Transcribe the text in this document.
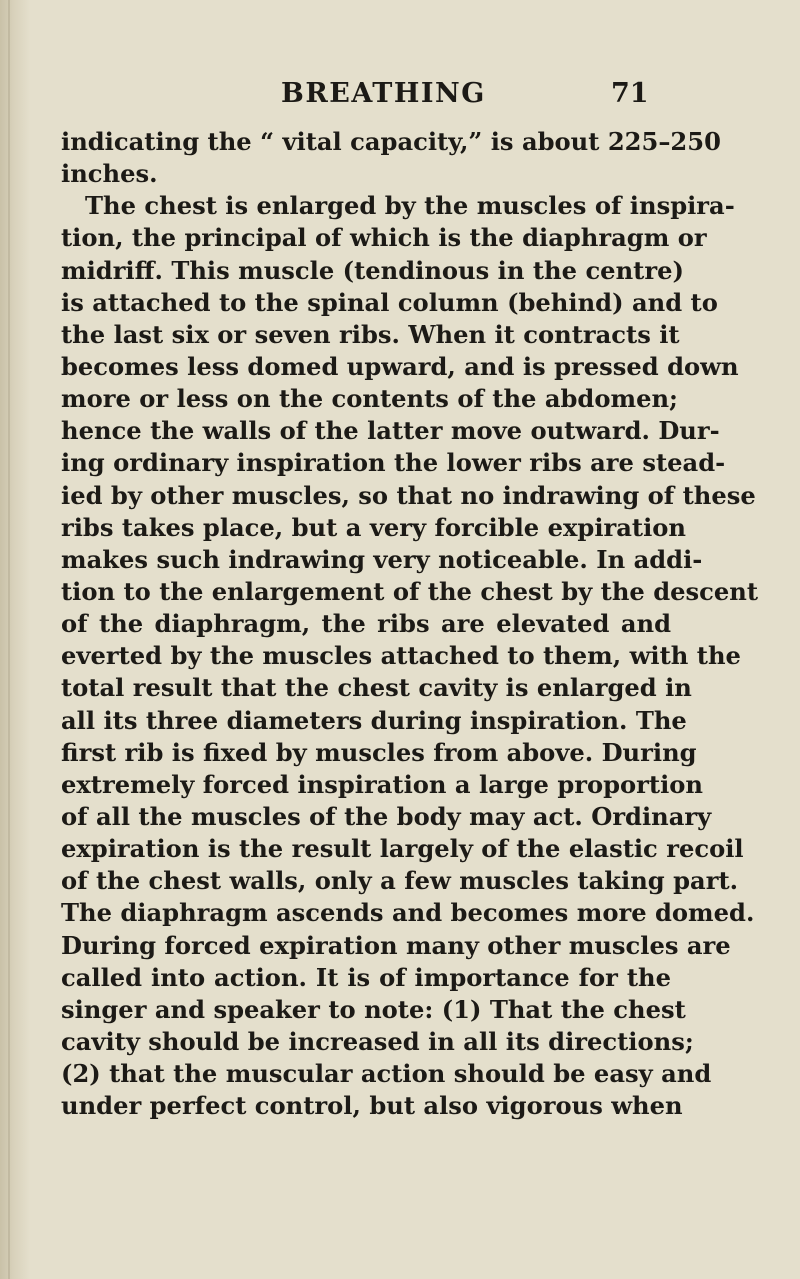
BREATHING	71
indicating the “ vital capacity,” is about 225–250
inches.
The chest is enlarged by the muscles of inspira-
tion, the principal of which is the diaphragm or
midriff. This muscle (tendinous in the centre)
is attached to the spinal column (behind) and to
the last six or seven ribs. When it contracts it
becomes less domed upward, and is pressed down
more or less on the contents of the abdomen;
hence the walls of the latter move outward. Dur-
ing ordinary inspiration the lower ribs are stead-
ied by other muscles, so that no indrawing of these
ribs takes place, but a very forcible expiration
makes such indrawing very noticeable. In addi-
tion to the enlargement of the chest by the descent
of the diaphragm, the ribs are elevated and
everted by the muscles attached to them, with the
total result that the chest cavity is enlarged in
all its three diameters during inspiration. The
first rib is fixed by muscles from above. During
extremely forced inspiration a large proportion
of all the muscles of the body may act. Ordinary
expiration is the result largely of the elastic recoil
of the chest walls, only a few muscles taking part.
The diaphragm ascends and becomes more domed.
During forced expiration many other muscles are
called into action. It is of importance for the
singer and speaker to note: (1) That the chest
cavity should be increased in all its directions;
(2) that the muscular action should be easy and
under perfect control, but also vigorous when
